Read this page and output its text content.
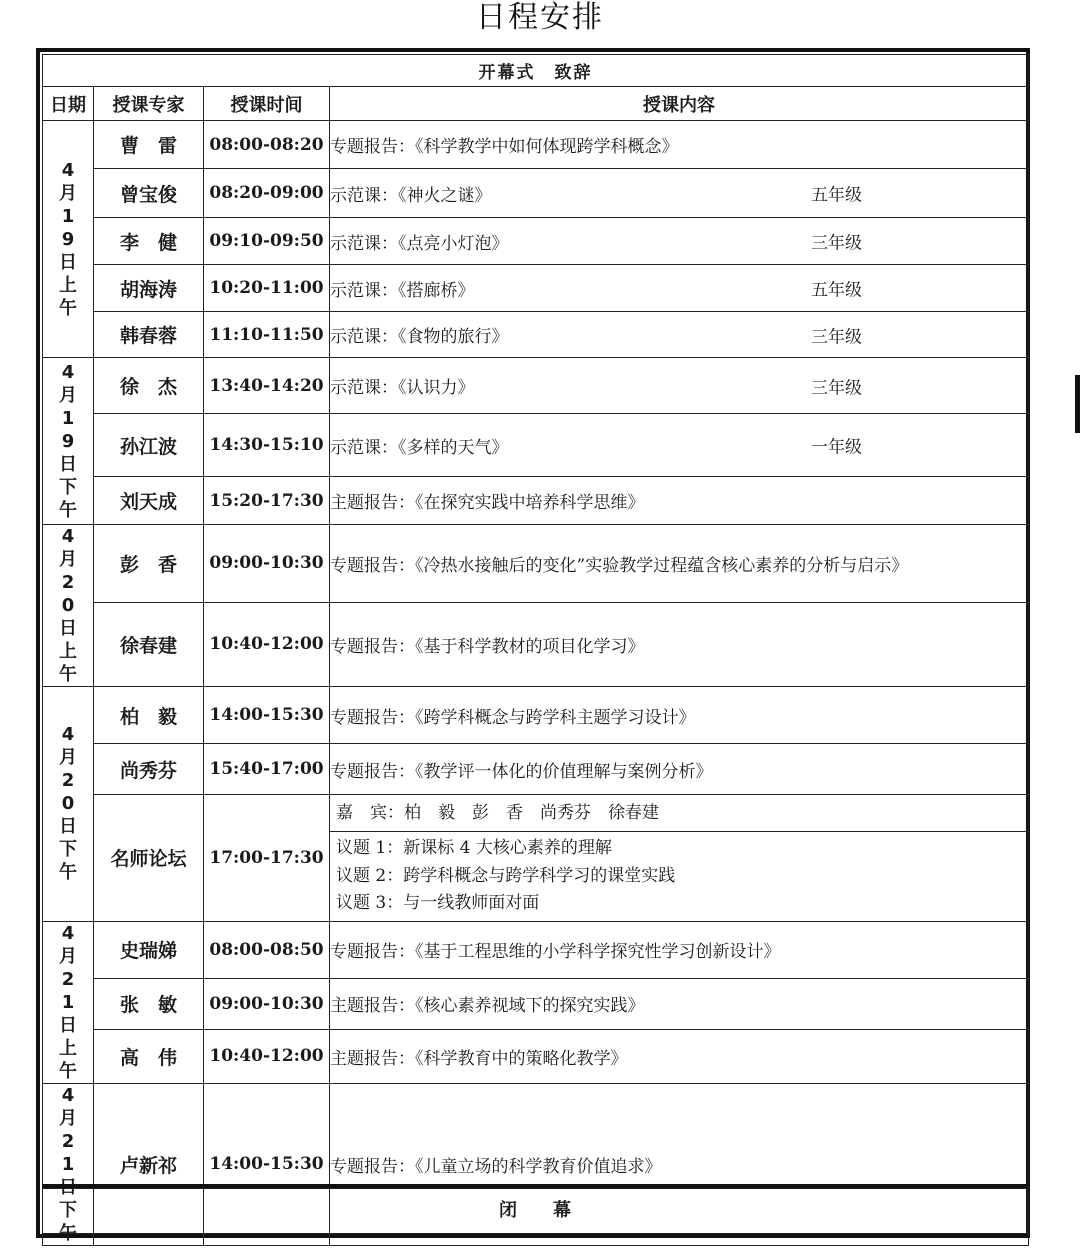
日程安排
开幕式　致辞			
日期	授课专家	授课时间	授课内容

4月19日上午	曹　雷	08:00-08:20	专题报告：《科学教学中如何体现跨学科概念》
	曾宝俊	08:20-09:00	示范课：《神火之谜》 五年级

	李　健	09:10-09:50	示范课：《点亮小灯泡》 三年级

	胡海涛	10:20-11:00	示范课：《搭廊桥》 五年级

	韩春蓉	11:10-11:50	示范课：《食物的旅行》 三年级

4月19日下午	徐　杰	13:40-14:20	示范课：《认识力》 三年级

	孙江波	14:30-15:10	示范课：《多样的天气》 一年级

	刘天成	15:20-17:30	主题报告：《在探究实践中培养科学思维》

4月20日上午	彭　香	09:00-10:30	专题报告：《冷热水接触后的变化”实验教学过程蕴含核心素养的分析与启示》
	徐春建	10:40-12:00	专题报告：《基于科学教材的项目化学习》

4月20日下午	柏　毅	14:00-15:30	专题报告：《跨学科概念与跨学科主题学习设计》
	尚秀芬	15:40-17:00	专题报告：《教学评一体化的价值理解与案例分析》
	名师论坛	17:00-17:30	嘉　宾：柏　毅　彭　香　尚秀芬　徐春建
议题 1：新课标 4 大核心素养的理解
议题 2：跨学科概念与跨学科学习的课堂实践
议题 3：与一线教师面对面

4月21日上午	史瑞娣	08:00-08:50	专题报告：《基于工程思维的小学科学探究性学习创新设计》
	张　敏	09:00-10:30	主题报告：《核心素养视域下的探究实践》
	高　伟	10:40-12:00	主题报告：《科学教育中的策略化教学》

4月21 下午	卢新祁	14:00-15:30	专题报告：《儿童立场的科学教育价值追求》
闭　　幕
